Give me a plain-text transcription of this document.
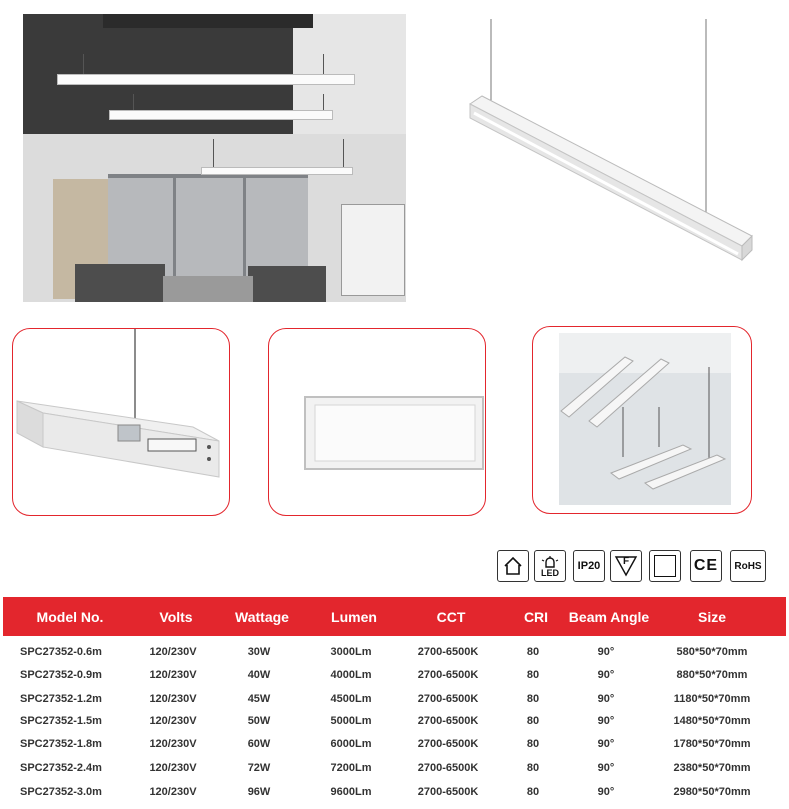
LED
IP20 F	CE RoHS
Model No.	Volts	Wattage	Lumen	CCT	CRI	Beam Angle	Size
SPC27352-0.6m	120/230V	30W	3000Lm	2700-6500K	80	90°	580*50*70mm
SPC27352-0.9m	120/230V	40W	4000Lm	2700-6500K	80	90°	880*50*70mm
SPC27352-1.2m	120/230V	45W	4500Lm	2700-6500K	80	90°	1180*50*70mm
SPC27352-1.5m	120/230V	50W	5000Lm	2700-6500K	80	90°	1480*50*70mm
SPC27352-1.8m	120/230V	60W	6000Lm	2700-6500K	80	90°	1780*50*70mm
SPC27352-2.4m	120/230V	72W	7200Lm	2700-6500K	80	90°	2380*50*70mm
SPC27352-3.0m	120/230V	96W	9600Lm	2700-6500K	80	90°	2980*50*70mm
